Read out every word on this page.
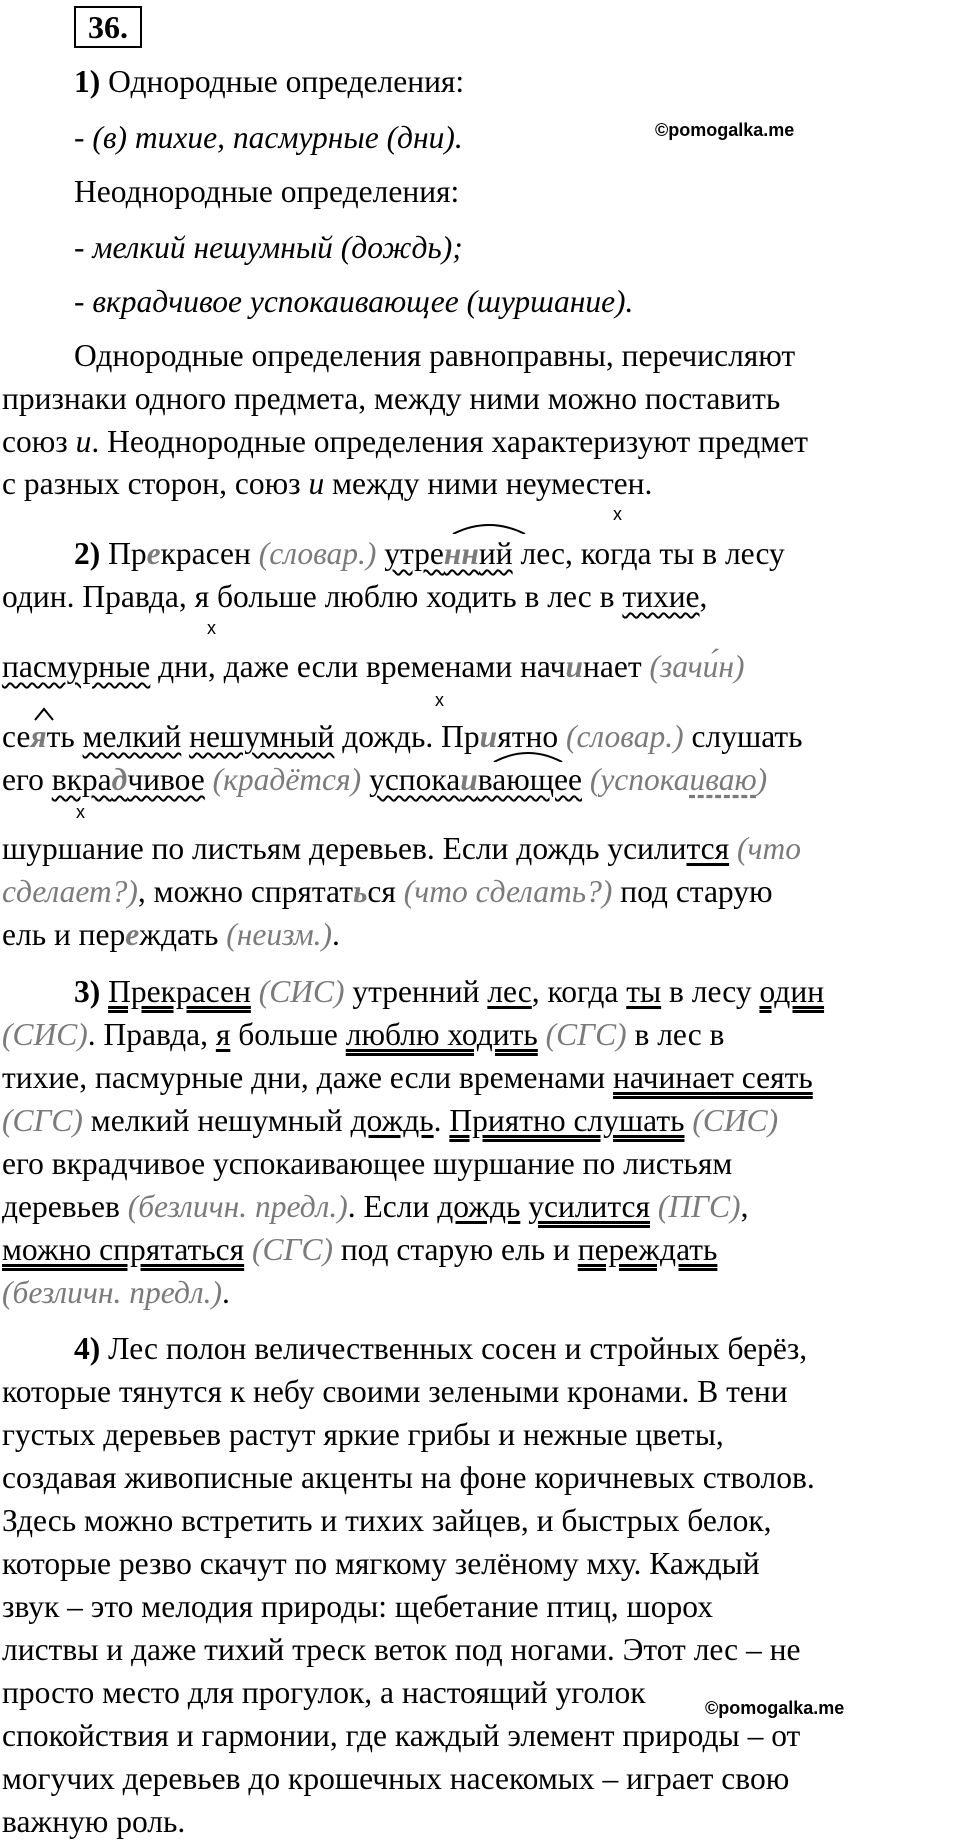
36.
1) Однородные определения:
- (в) тихие, пасмурные (дни).	©pomogalka.me
Неоднородные определения:
- мелкий нешумный (дождь);
- вкрадчивое успокаивающее (шуршание).
Однородные определения равноправны, перечисляют
признаки одного предмета, между ними можно поставить
союз и. Неоднородные определения характеризуют предмет
с разных сторон, союз и между ними неуместен.
x
2) Прекрасен (словар.) утренний лес, когда ты в лесу
один. Правда, я больше люблю ходить в лес в тихие,
x
пасмурные дни, даже если временами начинает (зачи́н)
x
сеять мелкий нешумный дождь. Приятно (словар.) слушать
его вкрадчивое (крадётся) успокаивающее (успокаиваю)
x
шуршание по листьям деревьев. Если дождь усилится (что
сделает?), можно спрятаться (что сделать?) под старую
ель и переждать (неизм.).
3) Прекрасен (СИС) утренний лес, когда ты в лесу один
(СИС). Правда, я больше люблю ходить (СГС) в лес в
тихие, пасмурные дни, даже если временами начинает сеять
(СГС) мелкий нешумный дождь. Приятно слушать (СИС)
его вкрадчивое успокаивающее шуршание по листьям
деревьев (безличн. предл.). Если дождь усилится (ПГС),
можно спрятаться (СГС) под старую ель и переждать
(безличн. предл.).
4) Лес полон величественных сосен и стройных берёз,
которые тянутся к небу своими зелеными кронами. В тени
густых деревьев растут яркие грибы и нежные цветы,
создавая живописные акценты на фоне коричневых стволов.
Здесь можно встретить и тихих зайцев, и быстрых белок,
которые резво скачут по мягкому зелёному мху. Каждый
звук – это мелодия природы: щебетание птиц, шорох
листвы и даже тихий треск веток под ногами. Этот лес – не
просто место для прогулок, а настоящий уголок	©pomogalka.me
спокойствия и гармонии, где каждый элемент природы – от
могучих деревьев до крошечных насекомых – играет свою
важную роль.
